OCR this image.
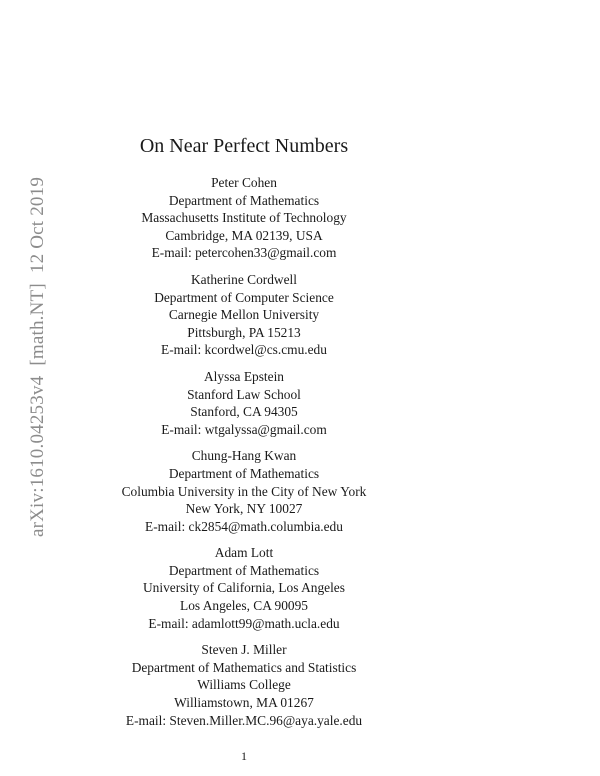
arXiv:1610.04253v4[math.NT]12 Oct 2019
On Near Perfect Numbers
Peter Cohen
Department of Mathematics
Massachusetts Institute of Technology
Cambridge, MA 02139, USA
E-mail: petercohen33@gmail.com
Katherine Cordwell
Department of Computer Science
Carnegie Mellon University
Pittsburgh, PA 15213
E-mail: kcordwel@cs.cmu.edu
Alyssa Epstein
Stanford Law School
Stanford, CA 94305
E-mail: wtgalyssa@gmail.com
Chung-Hang Kwan
Department of Mathematics
Columbia University in the City of New York
New York, NY 10027
E-mail: ck2854@math.columbia.edu
Adam Lott
Department of Mathematics
University of California, Los Angeles
Los Angeles, CA 90095
E-mail: adamlott99@math.ucla.edu
Steven J. Miller
Department of Mathematics and Statistics
Williams College
Williamstown, MA 01267
E-mail: Steven.Miller.MC.96@aya.yale.edu
1
